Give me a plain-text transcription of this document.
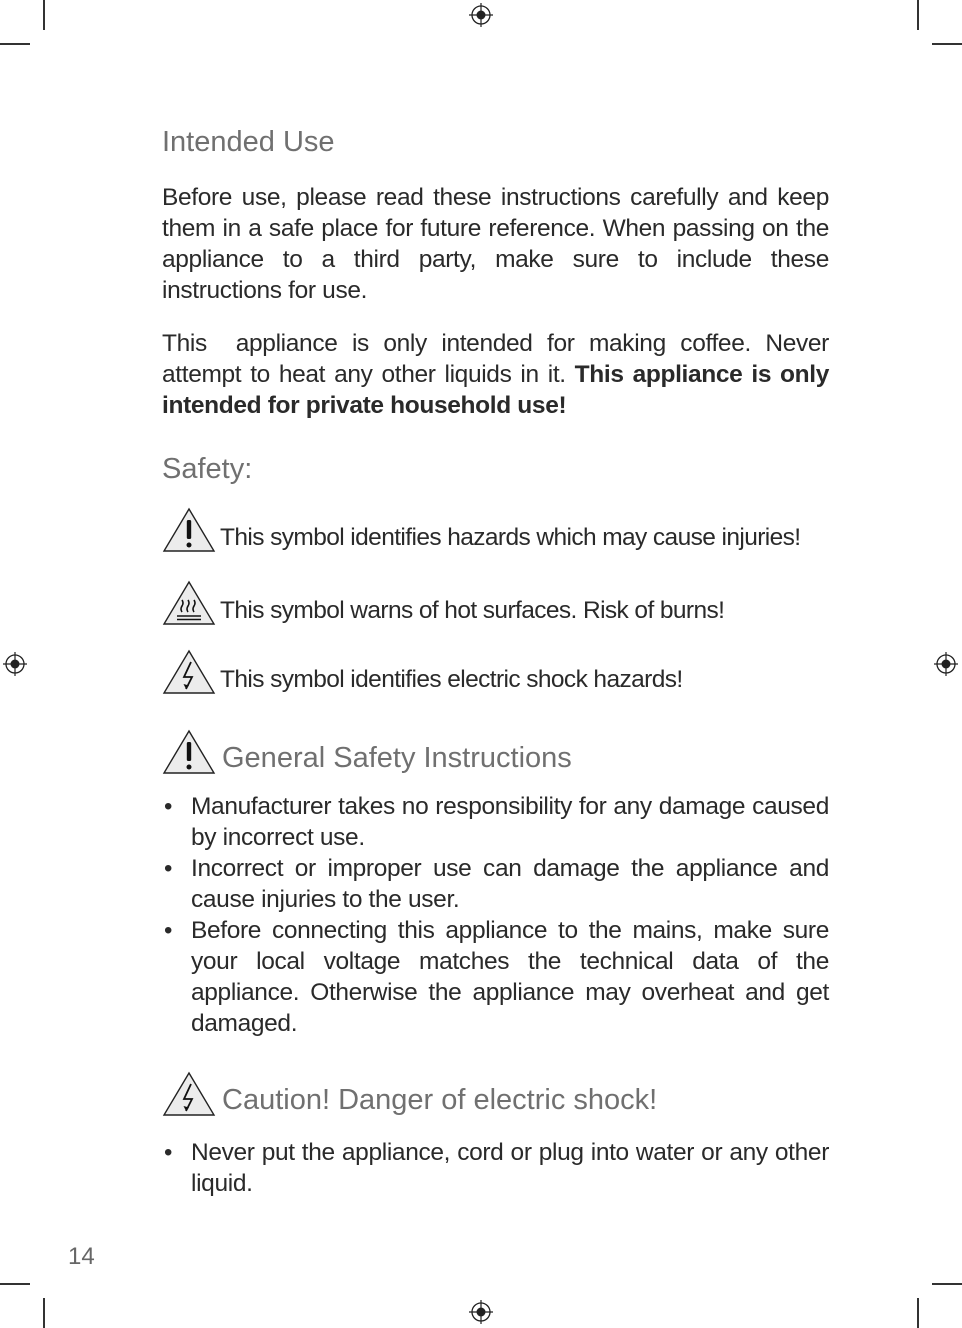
Intended Use

Before use, please read these instructions carefully and keep them in a safe place for future reference. When passing on the appliance to a third party, make sure to include these instructions for use.

This  appliance is only intended for making coffee. Never attempt to heat any other liquids in it. This appliance is only intended for private household use!

Safety:
This symbol identifies hazards which may cause injuries!
This symbol warns of hot surfaces. Risk of burns!
This symbol identifies electric shock hazards!
General Safety Instructions
• Manufacturer takes no responsibility for any damage caused by incorrect use.

• Incorrect or improper use can damage the appliance and cause injuries to the user.

• Before connecting this appliance to the mains, make sure your local voltage matches the technical data of the appliance. Otherwise the appliance may overheat and get damaged.

Caution! Danger of electric shock!
• Never put the appliance, cord or plug into water or any other liquid.

14
